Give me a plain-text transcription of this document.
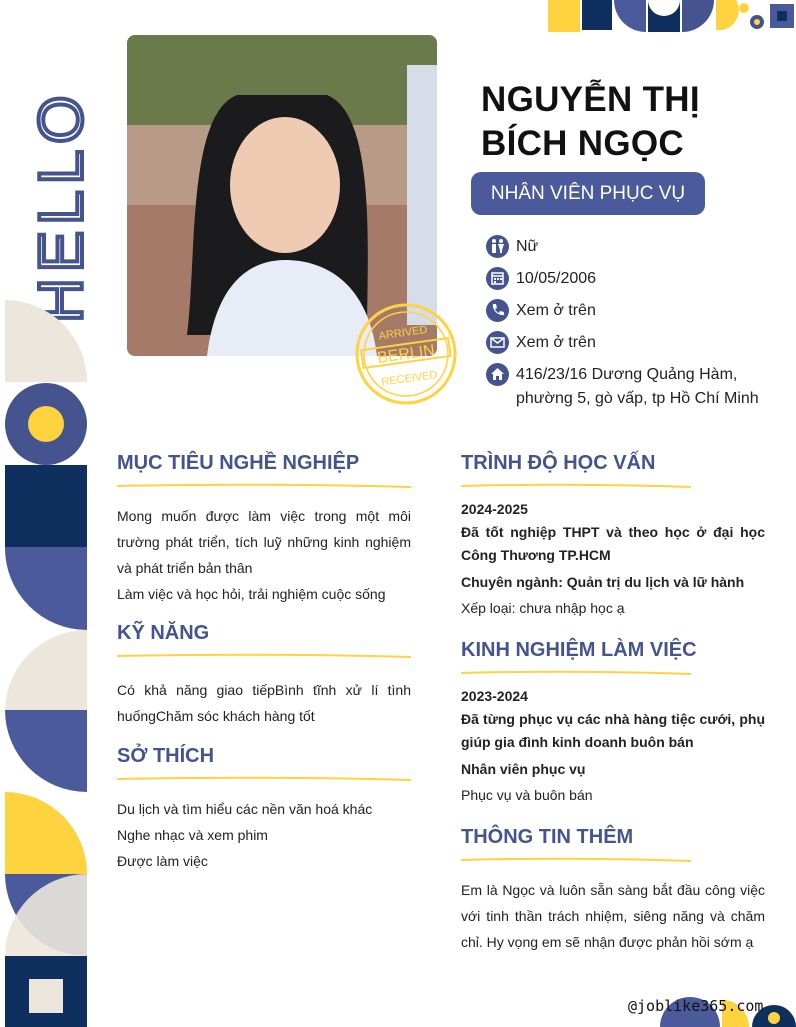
HELLO
ARRIVED
BERLIN
RECEIVED
NGUYỄN THỊ
BÍCH NGỌC
NHÂN VIÊN PHỤC VỤ
Nữ
10/05/2006
Xem ở trên
Xem ở trên
416/23/16 Dương Quảng Hàm, phường 5, gò vấp, tp Hồ Chí Minh
MỤC TIÊU NGHỀ NGHIỆP
Mong muốn được làm việc trong một môi trường phát triển, tích luỹ những kinh nghiệm và phát triển bản thân
Làm việc và học hỏi, trải nghiệm cuộc sống
KỸ NĂNG
Có khả năng giao tiếpBình tĩnh xử lí tình huốngChăm sóc khách hàng tốt
SỞ THÍCH
Du lịch và tìm hiểu các nền văn hoá khác
Nghe nhạc và xem phim
Được làm việc
TRÌNH ĐỘ HỌC VẤN
2024-2025
Đã tốt nghiệp THPT và theo học ở đại học Công Thương TP.HCM
Chuyên ngành: Quản trị du lịch và lữ hành
Xếp loại: chưa nhập học ạ
KINH NGHIỆM LÀM VIỆC
2023-2024
Đã từng phục vụ các nhà hàng tiệc cưới, phụ giúp gia đình kinh doanh buôn bán
Nhân viên phục vụ
Phục vụ và buôn bán
THÔNG TIN THÊM
Em là Ngọc và luôn sẵn sàng bắt đầu công việc với tinh thần trách nhiệm, siêng năng và chăm chỉ. Hy vọng em sẽ nhận được phản hồi sớm ạ
@joblike365.com
